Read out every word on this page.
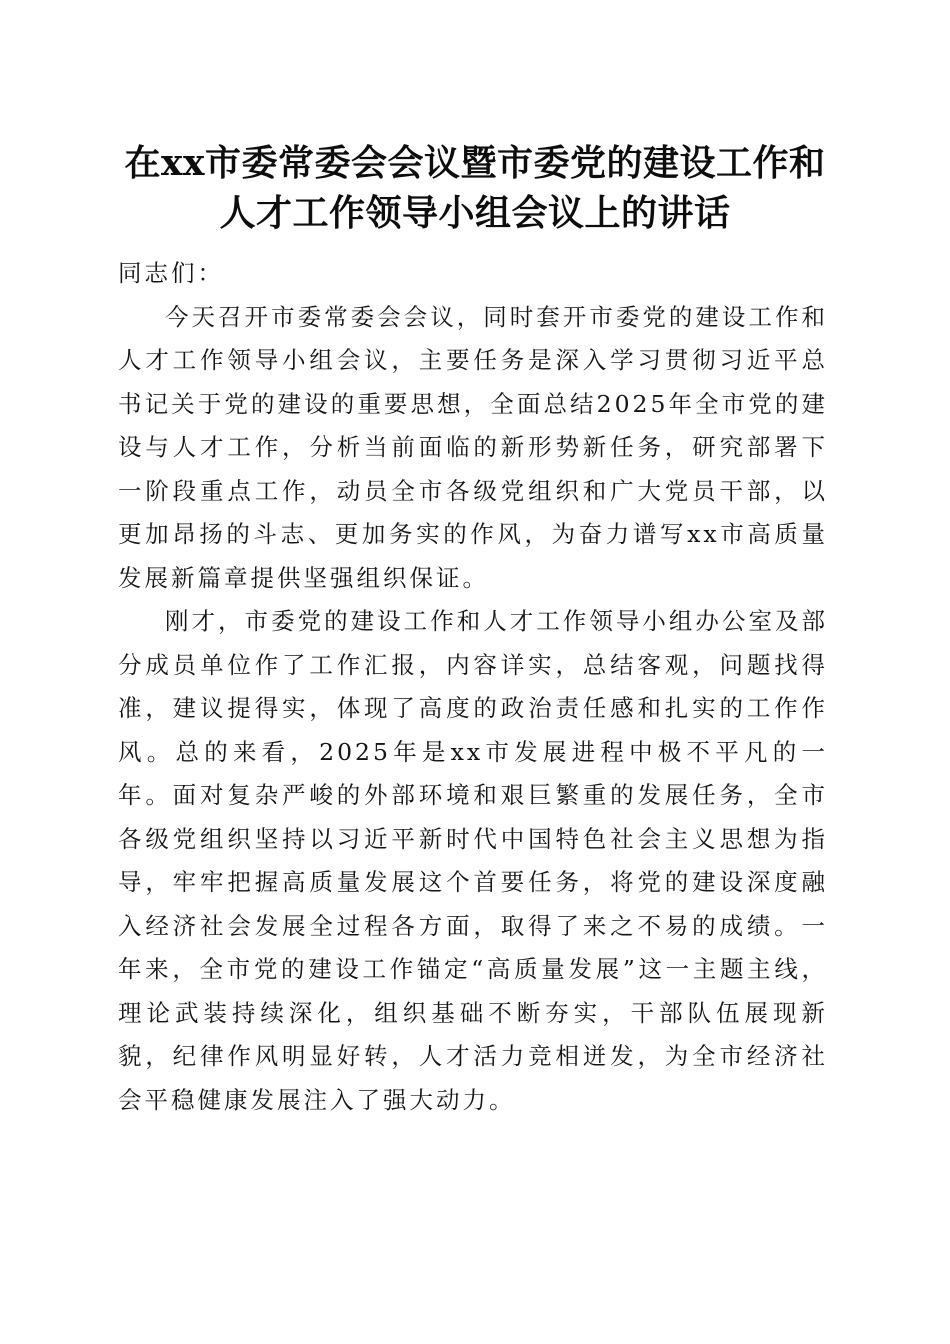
在xx市委常委会会议暨市委党的建设工作和
人才工作领导小组会议上的讲话

同志们：

今天召开市委常委会会议，同时套开市委党的建设工作和人才工作领导小组会议，主要任务是深入学习贯彻习近平总书记关于党的建设的重要思想，全面总结2025年全市党的建设与人才工作，分析当前面临的新形势新任务，研究部署下一阶段重点工作，动员全市各级党组织和广大党员干部，以更加昂扬的斗志、更加务实的作风，为奋力谱写xx市高质量发展新篇章提供坚强组织保证。

刚才，市委党的建设工作和人才工作领导小组办公室及部分成员单位作了工作汇报，内容详实，总结客观，问题找得准，建议提得实，体现了高度的政治责任感和扎实的工作作风。总的来看，2025年是xx市发展进程中极不平凡的一年。面对复杂严峻的外部环境和艰巨繁重的发展任务，全市各级党组织坚持以习近平新时代中国特色社会主义思想为指导，牢牢把握高质量发展这个首要任务，将党的建设深度融入经济社会发展全过程各方面，取得了来之不易的成绩。一年来，全市党的建设工作锚定“高质量发展”这一主题主线，理论武装持续深化，组织基础不断夯实，干部队伍展现新貌，纪律作风明显好转，人才活力竞相迸发，为全市经济社会平稳健康发展注入了强大动力。
